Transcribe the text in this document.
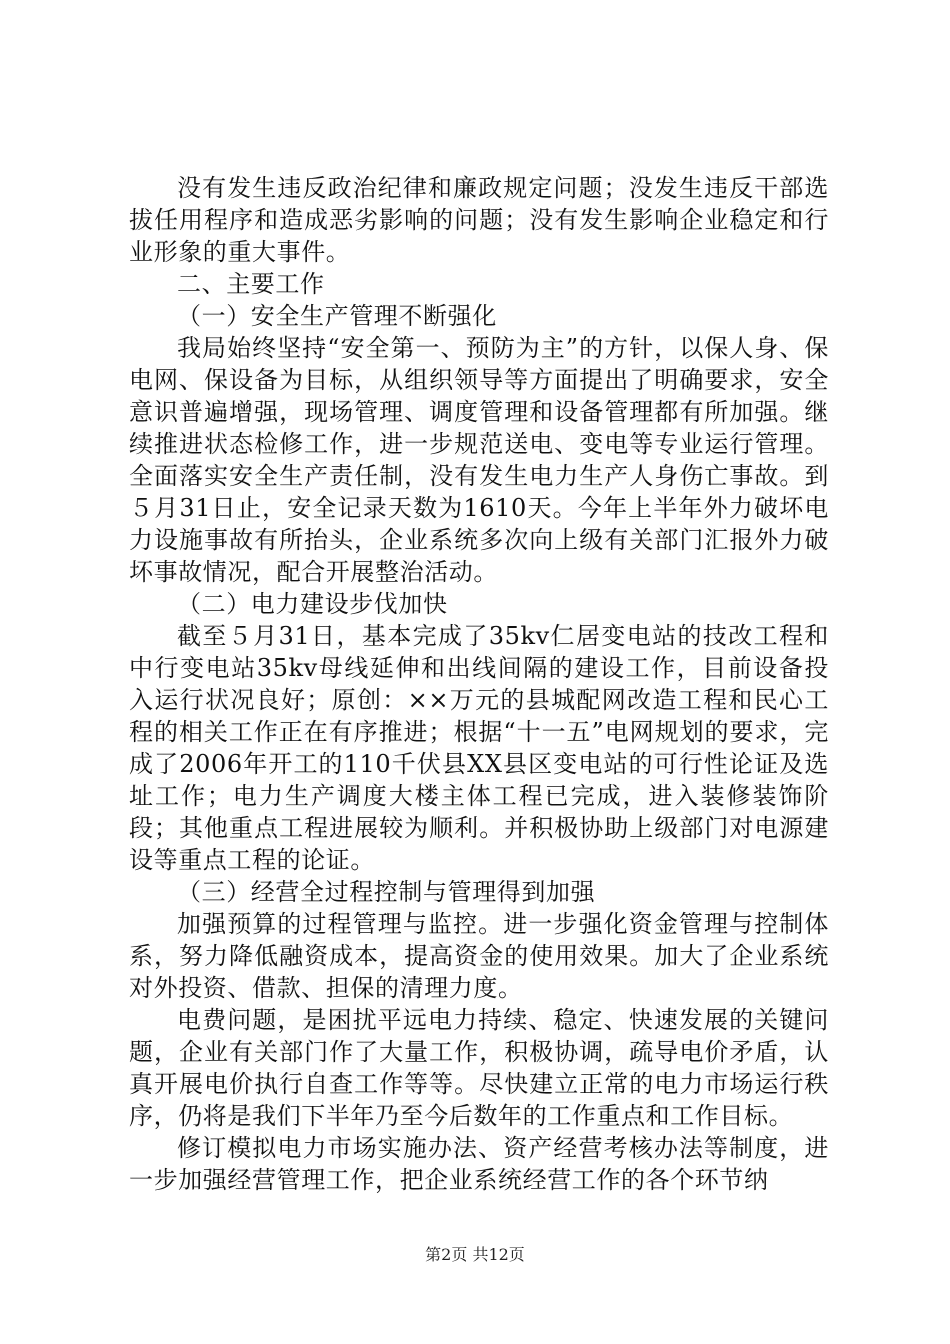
没有发生违反政治纪律和廉政规定问题；没发生违反干部选拔任用程序和造成恶劣影响的问题；没有发生影响企业稳定和行业形象的重大事件。

二、主要工作

（一）安全生产管理不断强化

我局始终坚持“安全第一、预防为主”的方针，以保人身、保电网、保设备为目标，从组织领导等方面提出了明确要求，安全意识普遍增强，现场管理、调度管理和设备管理都有所加强。继续推进状态检修工作，进一步规范送电、变电等专业运行管理。全面落实安全生产责任制，没有发生电力生产人身伤亡事故。到５月31日止，安全记录天数为1610天。今年上半年外力破坏电力设施事故有所抬头，企业系统多次向上级有关部门汇报外力破坏事故情况，配合开展整治活动。

（二）电力建设步伐加快

截至５月31日，基本完成了35kv仁居变电站的技改工程和中行变电站35kv母线延伸和出线间隔的建设工作，目前设备投入运行状况良好；原创：××万元的县城配网改造工程和民心工程的相关工作正在有序推进；根据“十一五”电网规划的要求，完成了2006年开工的110千伏县XX县区变电站的可行性论证及选址工作；电力生产调度大楼主体工程已完成，进入装修装饰阶段；其他重点工程进展较为顺利。并积极协助上级部门对电源建设等重点工程的论证。

（三）经营全过程控制与管理得到加强

加强预算的过程管理与监控。进一步强化资金管理与控制体系，努力降低融资成本，提高资金的使用效果。加大了企业系统对外投资、借款、担保的清理力度。

电费问题，是困扰平远电力持续、稳定、快速发展的关键问题，企业有关部门作了大量工作，积极协调，疏导电价矛盾，认真开展电价执行自查工作等等。尽快建立正常的电力市场运行秩序，仍将是我们下半年乃至今后数年的工作重点和工作目标。

修订模拟电力市场实施办法、资产经营考核办法等制度，进一步加强经营管理工作，把企业系统经营工作的各个环节纳

第2页 共12页
